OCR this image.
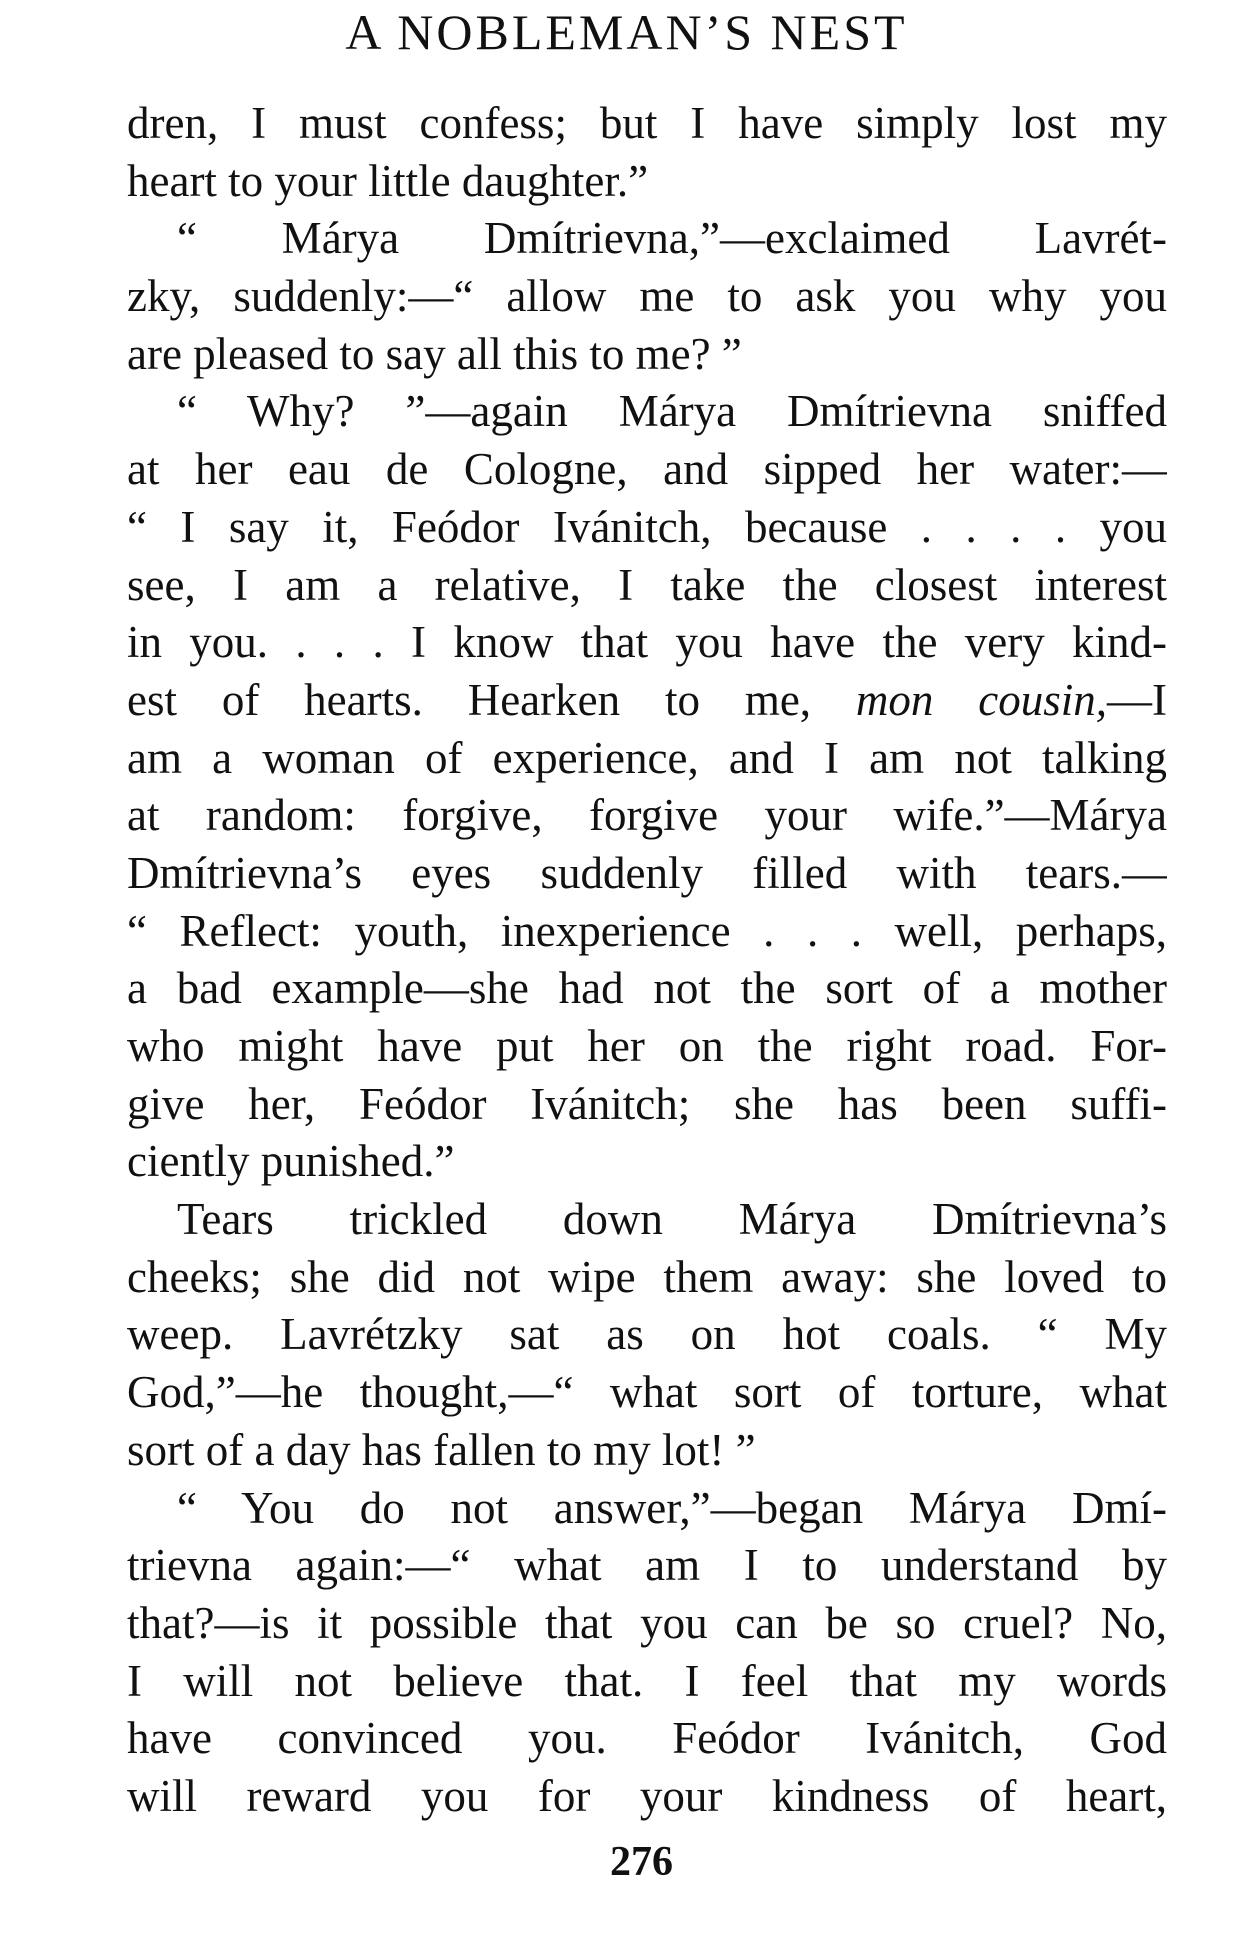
A NOBLEMAN’S NEST
dren, I must confess; but I have simply lost my
heart to your little daughter.”
“ Márya Dmítrievna,”—exclaimed Lavrét-
zky, suddenly:—“ allow me to ask you why you
are pleased to say all this to me? ”
“ Why? ”—again Márya Dmítrievna sniffed
at her eau de Cologne, and sipped her water:—
“ I say it, Feódor Ivánitch, because . . . . you
see, I am a relative, I take the closest interest
in you. . . . I know that you have the very kind-
est of hearts. Hearken to me, mon cousin,—I
am a woman of experience, and I am not talking
at random: forgive, forgive your wife.”—Márya
Dmítrievna’s eyes suddenly filled with tears.—
“ Reflect: youth, inexperience . . . well, perhaps,
a bad example—she had not the sort of a mother
who might have put her on the right road. For-
give her, Feódor Ivánitch; she has been suffi-
ciently punished.”
Tears trickled down Márya Dmítrievna’s
cheeks; she did not wipe them away: she loved to
weep. Lavrétzky sat as on hot coals. “ My
God,”—he thought,—“ what sort of torture, what
sort of a day has fallen to my lot! ”
“ You do not answer,”—began Márya Dmí-
trievna again:—“ what am I to understand by
that?—is it possible that you can be so cruel? No,
I will not believe that. I feel that my words
have convinced you. Feódor Ivánitch, God
will reward you for your kindness of heart,
276
